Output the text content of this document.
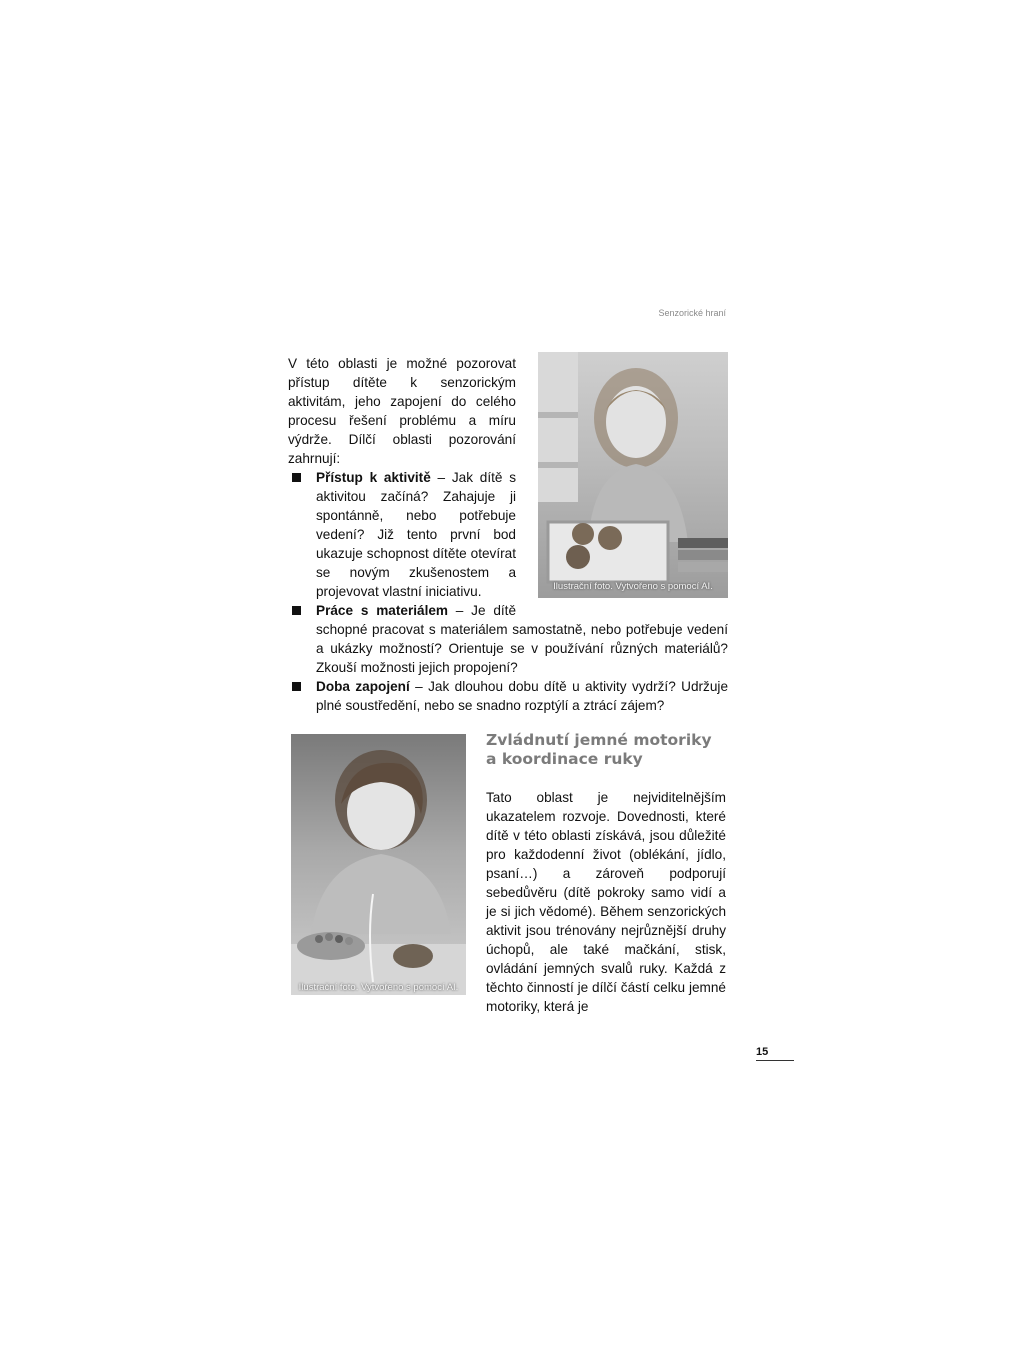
Senzorické hraní
Ilustrační foto. Vytvořeno s pomocí AI.

V této oblasti je možné pozorovat přístup dítěte k senzorickým aktivitám, jeho zapojení do celého procesu řešení problému a míru výdrže. Dílčí oblasti pozorování zahrnují:

Přístup k aktivitě – Jak dítě s aktivitou začíná? Zahajuje ji spontánně, nebo potřebuje vedení? Již tento první bod ukazuje schopnost dítěte otevírat se novým zkušenostem a projevovat vlastní iniciativu.
Práce s materiálem – Je dítě schopné pracovat s materiálem samostatně, nebo potřebuje vedení a ukázky možností? Orientuje se v používání různých materiálů? Zkouší možnosti jejich propojení?
Doba zapojení – Jak dlouhou dobu dítě u aktivity vydrží? Udržuje plné soustředění, nebo se snadno rozptýlí a ztrácí zájem?
Ilustrační foto. Vytvořeno s pomocí AI.
Zvládnutí jemné motoriky
a koordinace ruky

Tato oblast je nejviditelnějším ukazatelem rozvoje. Dovednosti, které dítě v této oblasti získává, jsou důležité pro každodenní život (oblékání, jídlo, psaní…) a zároveň podporují sebedůvěru (dítě pokroky samo vidí a je si jich vědomé). Během senzorických aktivit jsou trénovány nejrůznější druhy úchopů, ale také mačkání, stisk, ovládání jemných svalů ruky. Každá z těchto činností je dílčí částí celku jemné motoriky, která je

15
